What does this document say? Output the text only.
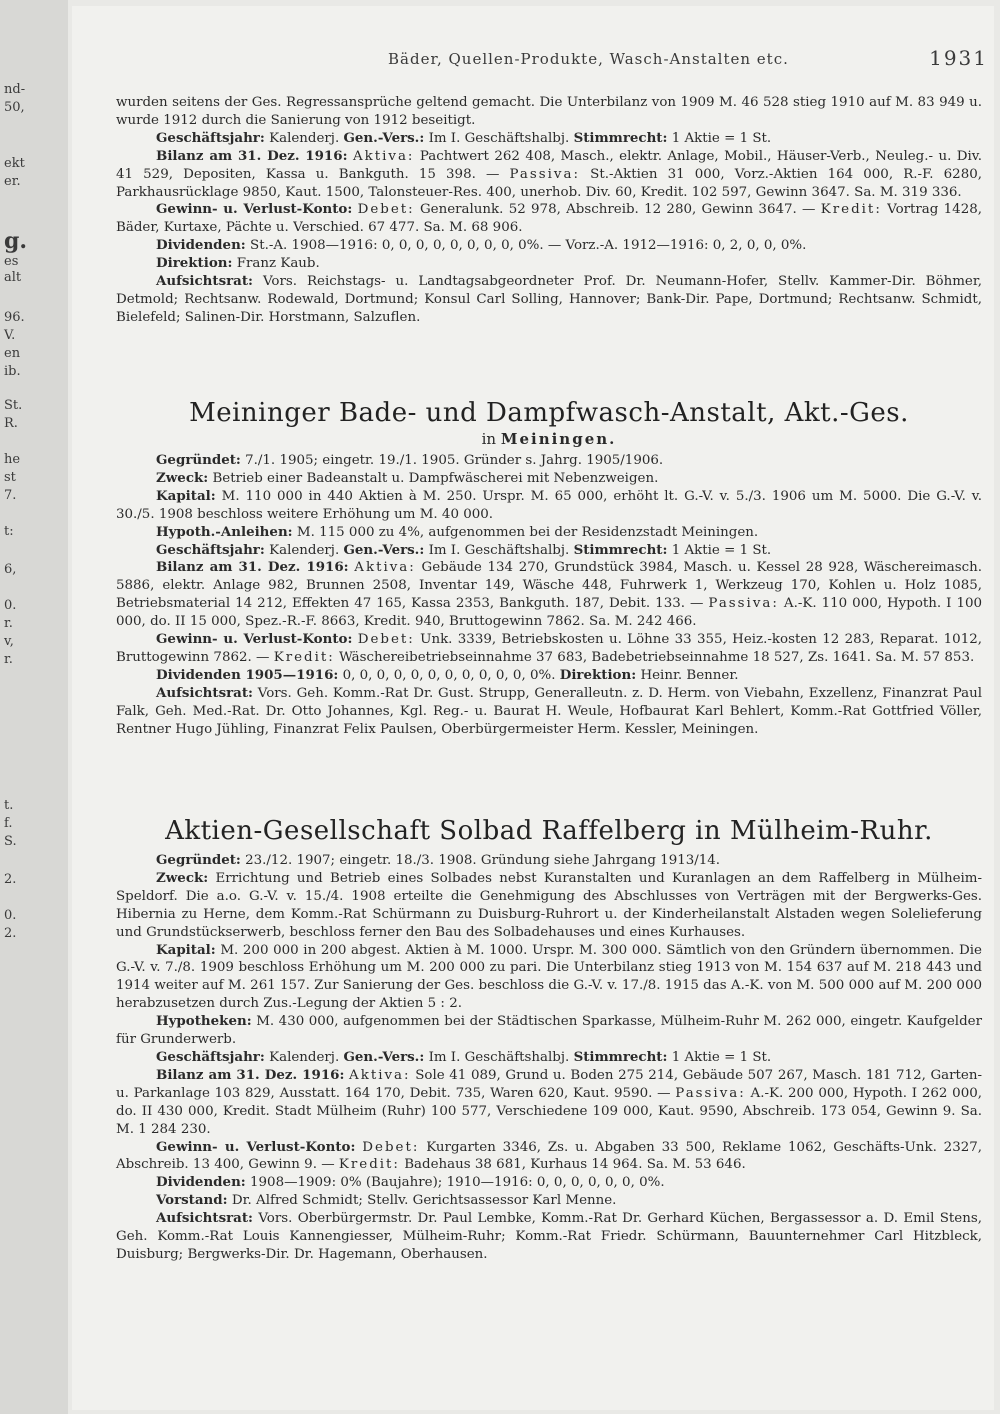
nd-
50,
ekt
er.
g.
es
alt
96.
V.
en
ib.
St.
R.
he
st
7.
t:
6,
0.
r.
v,
r.
t.
f.
S.
2.
0.
2.
Bäder, Quellen-Produkte, Wasch-Anstalten etc.	1931

wurden seitens der Ges. Regressansprüche geltend gemacht. Die Unterbilanz von 1909 M. 46 528 stieg 1910 auf M. 83 949 u. wurde 1912 durch die Sanierung von 1912 beseitigt.

Geschäftsjahr: Kalenderj. Gen.-Vers.: Im I. Geschäftshalbj. Stimmrecht: 1 Aktie = 1 St.

Bilanz am 31. Dez. 1916: Aktiva: Pachtwert 262 408, Masch., elektr. Anlage, Mobil., Häuser-Verb., Neuleg.- u. Div. 41 529, Depositen, Kassa u. Bankguth. 15 398. — Passiva: St.-Aktien 31 000, Vorz.-Aktien 164 000, R.-F. 6280, Parkhausrücklage 9850, Kaut. 1500, Talonsteuer-Res. 400, unerhob. Div. 60, Kredit. 102 597, Gewinn 3647. Sa. M. 319 336.

Gewinn- u. Verlust-Konto: Debet: Generalunk. 52 978, Abschreib. 12 280, Gewinn 3647. — Kredit: Vortrag 1428, Bäder, Kurtaxe, Pächte u. Verschied. 67 477. Sa. M. 68 906.

Dividenden: St.-A. 1908—1916: 0, 0, 0, 0, 0, 0, 0, 0, 0%. — Vorz.-A. 1912—1916: 0, 2, 0, 0, 0%.

Direktion: Franz Kaub.

Aufsichtsrat: Vors. Reichstags- u. Landtagsabgeordneter Prof. Dr. Neumann-Hofer, Stellv. Kammer-Dir. Böhmer, Detmold; Rechtsanw. Rodewald, Dortmund; Konsul Carl Solling, Hannover; Bank-Dir. Pape, Dortmund; Rechtsanw. Schmidt, Bielefeld; Salinen-Dir. Horstmann, Salzuflen.

Meininger Bade- und Dampfwasch-Anstalt, Akt.-Ges.
in Meiningen.

Gegründet: 7./1. 1905; eingetr. 19./1. 1905. Gründer s. Jahrg. 1905/1906.

Zweck: Betrieb einer Badeanstalt u. Dampfwäscherei mit Nebenzweigen.

Kapital: M. 110 000 in 440 Aktien à M. 250. Urspr. M. 65 000, erhöht lt. G.-V. v. 5./3. 1906 um M. 5000. Die G.-V. v. 30./5. 1908 beschloss weitere Erhöhung um M. 40 000.

Hypoth.-Anleihen: M. 115 000 zu 4%, aufgenommen bei der Residenzstadt Meiningen.

Geschäftsjahr: Kalenderj. Gen.-Vers.: Im I. Geschäftshalbj. Stimmrecht: 1 Aktie = 1 St.

Bilanz am 31. Dez. 1916: Aktiva: Gebäude 134 270, Grundstück 3984, Masch. u. Kessel 28 928, Wäschereimasch. 5886, elektr. Anlage 982, Brunnen 2508, Inventar 149, Wäsche 448, Fuhrwerk 1, Werkzeug 170, Kohlen u. Holz 1085, Betriebsmaterial 14 212, Effekten 47 165, Kassa 2353, Bankguth. 187, Debit. 133. — Passiva: A.-K. 110 000, Hypoth. I 100 000, do. II 15 000, Spez.-R.-F. 8663, Kredit. 940, Bruttogewinn 7862. Sa. M. 242 466.

Gewinn- u. Verlust-Konto: Debet: Unk. 3339, Betriebskosten u. Löhne 33 355, Heiz.-kosten 12 283, Reparat. 1012, Bruttogewinn 7862. — Kredit: Wäschereibetriebseinnahme 37 683, Badebetriebseinnahme 18 527, Zs. 1641. Sa. M. 57 853.

Dividenden 1905—1916: 0, 0, 0, 0, 0, 0, 0, 0, 0, 0, 0, 0%. Direktion: Heinr. Benner.

Aufsichtsrat: Vors. Geh. Komm.-Rat Dr. Gust. Strupp, Generalleutn. z. D. Herm. von Viebahn, Exzellenz, Finanzrat Paul Falk, Geh. Med.-Rat. Dr. Otto Johannes, Kgl. Reg.- u. Baurat H. Weule, Hofbaurat Karl Behlert, Komm.-Rat Gottfried Völler, Rentner Hugo Jühling, Finanzrat Felix Paulsen, Oberbürgermeister Herm. Kessler, Meiningen.

Aktien-Gesellschaft Solbad Raffelberg in Mülheim-Ruhr.

Gegründet: 23./12. 1907; eingetr. 18./3. 1908. Gründung siehe Jahrgang 1913/14.

Zweck: Errichtung und Betrieb eines Solbades nebst Kuranstalten und Kuranlagen an dem Raffelberg in Mülheim-Speldorf. Die a.o. G.-V. v. 15./4. 1908 erteilte die Genehmigung des Abschlusses von Verträgen mit der Bergwerks-Ges. Hibernia zu Herne, dem Komm.-Rat Schürmann zu Duisburg-Ruhrort u. der Kinderheilanstalt Alstaden wegen Solelieferung und Grundstückserwerb, beschloss ferner den Bau des Solbadehauses und eines Kurhauses.

Kapital: M. 200 000 in 200 abgest. Aktien à M. 1000. Urspr. M. 300 000. Sämtlich von den Gründern übernommen. Die G.-V. v. 7./8. 1909 beschloss Erhöhung um M. 200 000 zu pari. Die Unterbilanz stieg 1913 von M. 154 637 auf M. 218 443 und 1914 weiter auf M. 261 157. Zur Sanierung der Ges. beschloss die G.-V. v. 17./8. 1915 das A.-K. von M. 500 000 auf M. 200 000 herabzusetzen durch Zus.-Legung der Aktien 5 : 2.

Hypotheken: M. 430 000, aufgenommen bei der Städtischen Sparkasse, Mülheim-Ruhr M. 262 000, eingetr. Kaufgelder für Grunderwerb.

Geschäftsjahr: Kalenderj. Gen.-Vers.: Im I. Geschäftshalbj. Stimmrecht: 1 Aktie = 1 St.

Bilanz am 31. Dez. 1916: Aktiva: Sole 41 089, Grund u. Boden 275 214, Gebäude 507 267, Masch. 181 712, Garten- u. Parkanlage 103 829, Ausstatt. 164 170, Debit. 735, Waren 620, Kaut. 9590. — Passiva: A.-K. 200 000, Hypoth. I 262 000, do. II 430 000, Kredit. Stadt Mülheim (Ruhr) 100 577, Verschiedene 109 000, Kaut. 9590, Abschreib. 173 054, Gewinn 9. Sa. M. 1 284 230.

Gewinn- u. Verlust-Konto: Debet: Kurgarten 3346, Zs. u. Abgaben 33 500, Reklame 1062, Geschäfts-Unk. 2327, Abschreib. 13 400, Gewinn 9. — Kredit: Badehaus 38 681, Kurhaus 14 964. Sa. M. 53 646.

Dividenden: 1908—1909: 0% (Baujahre); 1910—1916: 0, 0, 0, 0, 0, 0, 0%.

Vorstand: Dr. Alfred Schmidt; Stellv. Gerichtsassessor Karl Menne.

Aufsichtsrat: Vors. Oberbürgermstr. Dr. Paul Lembke, Komm.-Rat Dr. Gerhard Küchen, Bergassessor a. D. Emil Stens, Geh. Komm.-Rat Louis Kannengiesser, Mülheim-Ruhr; Komm.-Rat Friedr. Schürmann, Bauunternehmer Carl Hitzbleck, Duisburg; Bergwerks-Dir. Dr. Hagemann, Oberhausen.
